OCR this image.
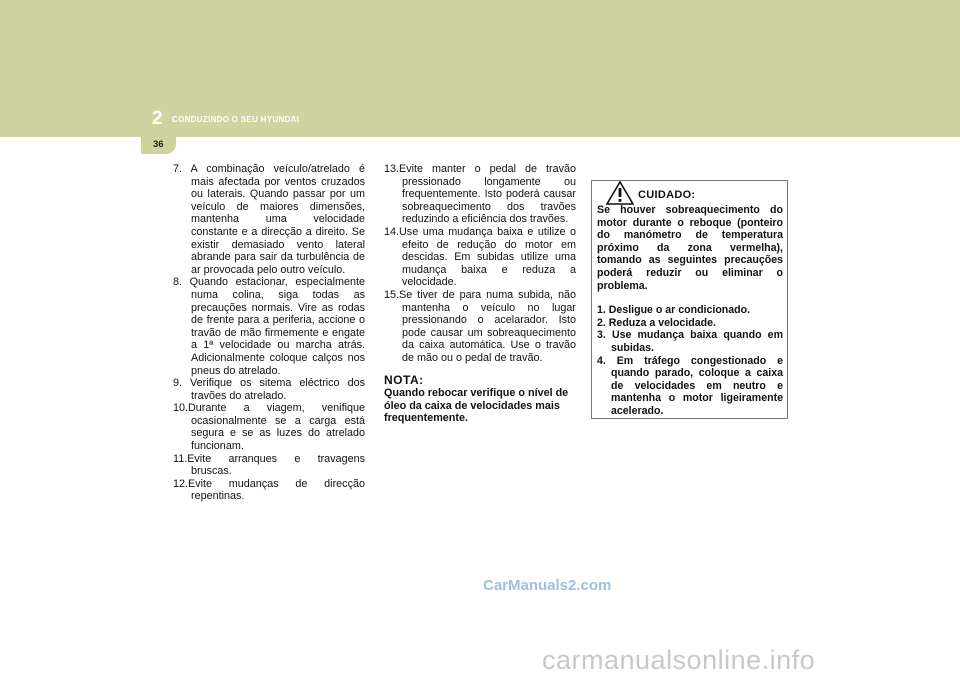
2 CONDUZINDO O SEU HYUNDAI
36

7. A combinação veículo/atrelado é mais afectada por ventos cruzados ou laterais. Quando passar por um veículo de maiores dimensões, mantenha uma velocidade constante e a direcção a direito. Se existir demasiado vento lateral abrande para sair da turbulência de ar provocada pelo outro veículo.

8. Quando estacionar, especialmente numa colina, siga todas as precauções normais. Vire as rodas de frente para a periferia, accione o travão de mão firmemente e engate a 1ª velocidade ou marcha atrás. Adicionalmente coloque calços nos pneus do atrelado.

9. Verifique os sitema eléctrico dos travões do atrelado.

10.Durante a viagem, venifique ocasionalmente se a carga está segura e se as luzes do atrelado funcionam.

11.Evite arranques e travagens bruscas.

12.Evite mudanças de direcção repentinas.

13.Evite manter o pedal de travão pressionado longamente ou frequentemente. Isto poderá causar sobreaquecimento dos travões reduzindo a eficiência dos travões.

14.Use uma mudança baixa e utilize o efeito de redução do motor em descidas. Em subidas utilize uma mudança baixa e reduza a velocidade.

15.Se tiver de para numa subida, não mantenha o veículo no lugar pressionando o acelarador. Isto pode causar um sobreaquecimento da caixa automática. Use o travão de mão ou o pedal de travão.

NOTA:

Quando rebocar verifique o nível de óleo da caixa de velocidades mais frequentemente.

CUIDADO:

Se houver sobreaquecimento do motor durante o reboque (ponteiro do manómetro de temperatura próximo da zona vermelha), tomando as seguintes precauções poderá reduzir ou eliminar o problema.

1. Desligue o ar condicionado.

2. Reduza a velocidade.

3. Use mudança baixa quando em subidas.

4. Em tráfego congestionado e quando parado, coloque a caixa de velocidades em neutro e mantenha o motor ligeiramente acelerado.

CarManuals2.com
carmanualsonline.info
